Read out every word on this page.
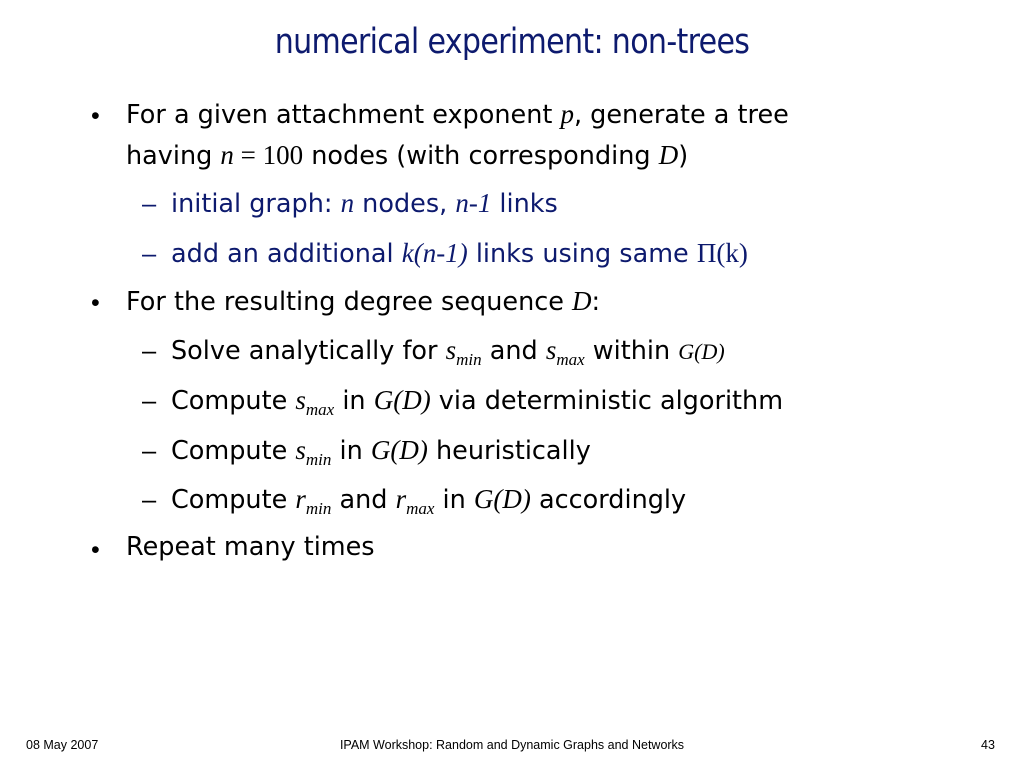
numerical experiment: non-trees
• For a given attachment exponent p, generate a tree
having n = 100 nodes (with corresponding D)
– initial graph: n nodes, n-1 links
– add an additional k(n-1) links using same Π(k)
• For the resulting degree sequence D:
– Solve analytically for $s_{min}$ and $s_{max}$ within G(D)
– Compute $s_{max}$ in G(D) via deterministic algorithm
– Compute $s_{min}$ in G(D) heuristically
– Compute $r_{min}$ and $r_{max}$ in G(D) accordingly
• Repeat many times
08 May 2007	IPAM Workshop: Random and Dynamic Graphs and Networks	43
